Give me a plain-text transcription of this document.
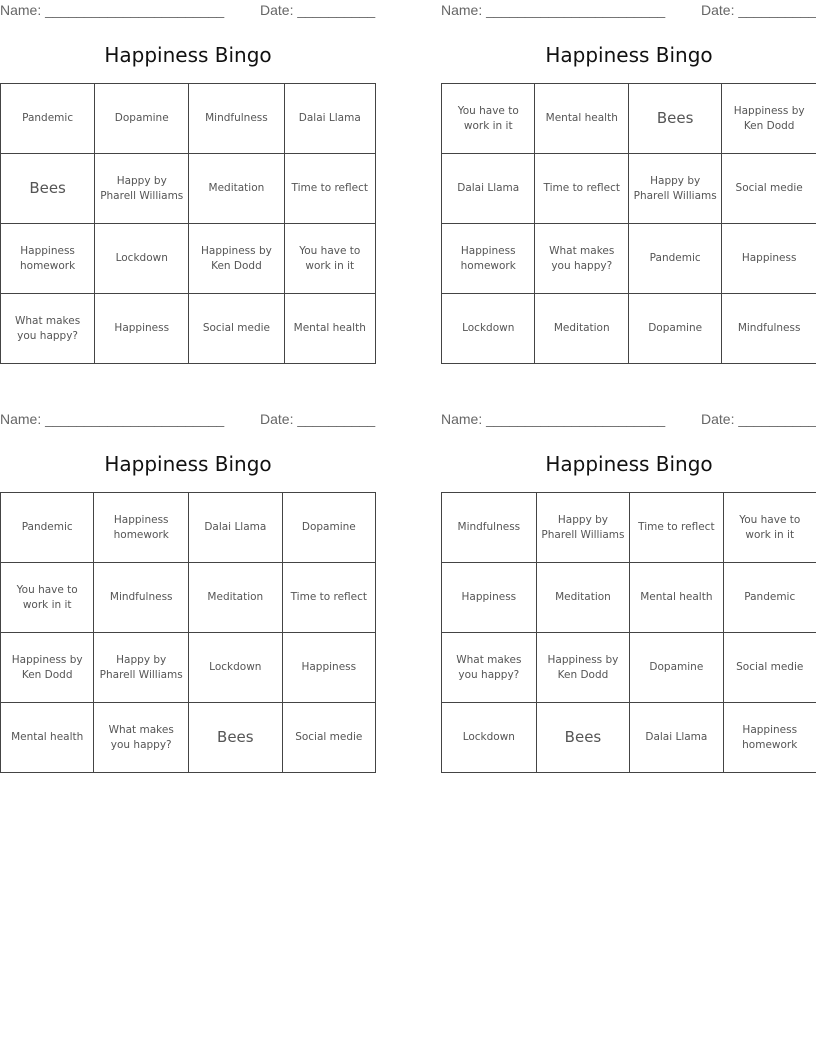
Name: _______________________	Date: __________
Happiness Bingo
Pandemic	Dopamine	Mindfulness	Dalai Llama
Bees	Happy by Pharell Williams	Meditation	Time to reflect
Happiness homework	Lockdown	Happiness by Ken Dodd	You have to work in it
What makes you happy?	Happiness	Social medie	Mental health
Name: _______________________	Date: __________
Happiness Bingo
You have to work in it	Mental health	Bees	Happiness by Ken Dodd
Dalai Llama	Time to reflect	Happy by Pharell Williams	Social medie
Happiness homework	What makes you happy?	Pandemic	Happiness
Lockdown	Meditation	Dopamine	Mindfulness
Name: _______________________	Date: __________
Happiness Bingo
Pandemic	Happiness homework	Dalai Llama	Dopamine
You have to work in it	Mindfulness	Meditation	Time to reflect
Happiness by Ken Dodd	Happy by Pharell Williams	Lockdown	Happiness
Mental health	What makes you happy?	Bees	Social medie
Name: _______________________	Date: __________
Happiness Bingo
Mindfulness	Happy by Pharell Williams	Time to reflect	You have to work in it
Happiness	Meditation	Mental health	Pandemic
What makes you happy?	Happiness by Ken Dodd	Dopamine	Social medie
Lockdown	Bees	Dalai Llama	Happiness homework
